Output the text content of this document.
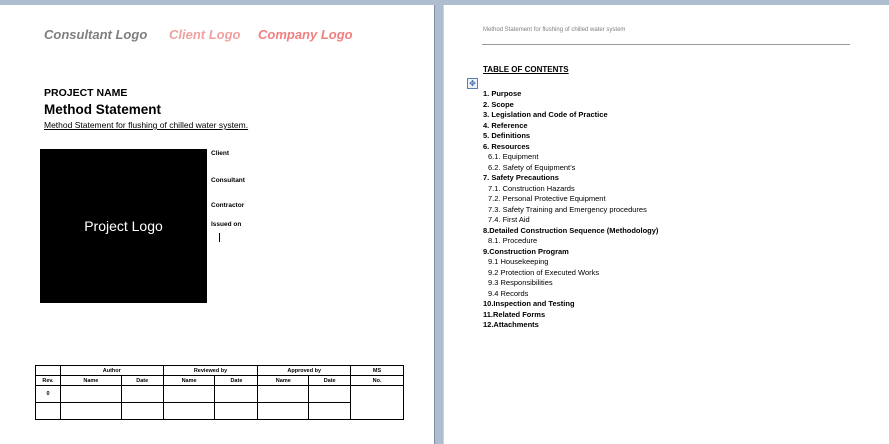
Consultant Logo Client Logo Company Logo
PROJECT NAME
Method Statement
Method Statement for flushing of chilled water system.
Project Logo
Client
Consultant
Contractor
Issued on
	Author		Reviewed by		Approved by		MS
Rev.	Name	Date	Name	Date	Name	Date	No.
0							

Method Statement for flushing of chilled water system
TABLE OF CONTENTS
✥
1. Purpose
2. Scope
3. Legislation and Code of Practice
4. Reference
5. Definitions
6. Resources
6.1. Equipment
6.2. Safety of Equipment’s
7. Safety Precautions
7.1. Construction Hazards
7.2. Personal Protective Equipment
7.3. Safety Training and Emergency procedures
7.4. First Aid
8.Detailed Construction Sequence (Methodology)
8.1. Procedure
9.Construction Program
9.1 Housekeeping
9.2 Protection of Executed Works
9.3 Responsibilities
9.4 Records
10.Inspection and Testing
11.Related Forms
12.Attachments
